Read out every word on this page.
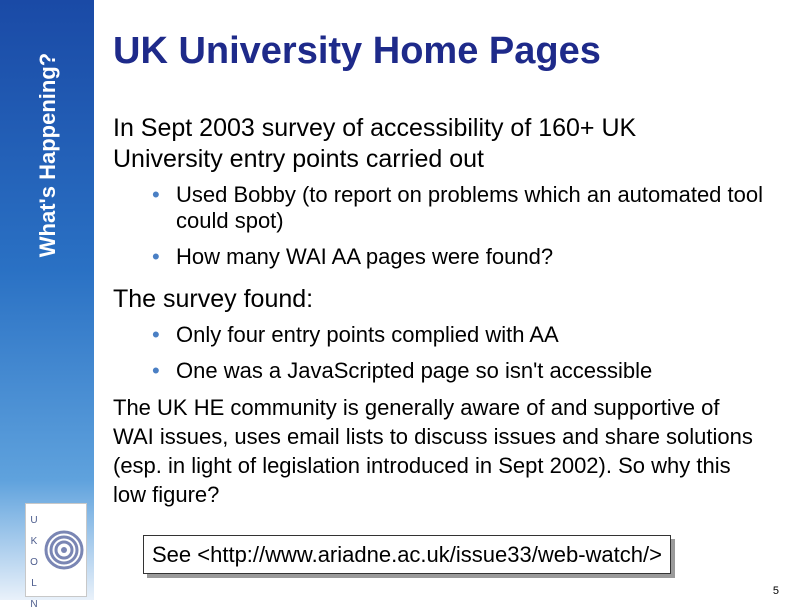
What's Happening?
U
K
O
L
N
UK University Home Pages
In Sept 2003 survey of accessibility of 160+ UK
University entry points carried out
• Used Bobby (to report on problems which an automated tool could spot)
• How many WAI AA pages were found?
The survey found:
• Only four entry points complied with AA
• One was a JavaScripted page so isn't accessible
The UK HE community is generally aware of and supportive of WAI issues, uses email lists to discuss issues and share solutions (esp. in light of legislation introduced in Sept 2002). So why this low figure?
See <http://www.ariadne.ac.uk/issue33/web-watch/>
5
